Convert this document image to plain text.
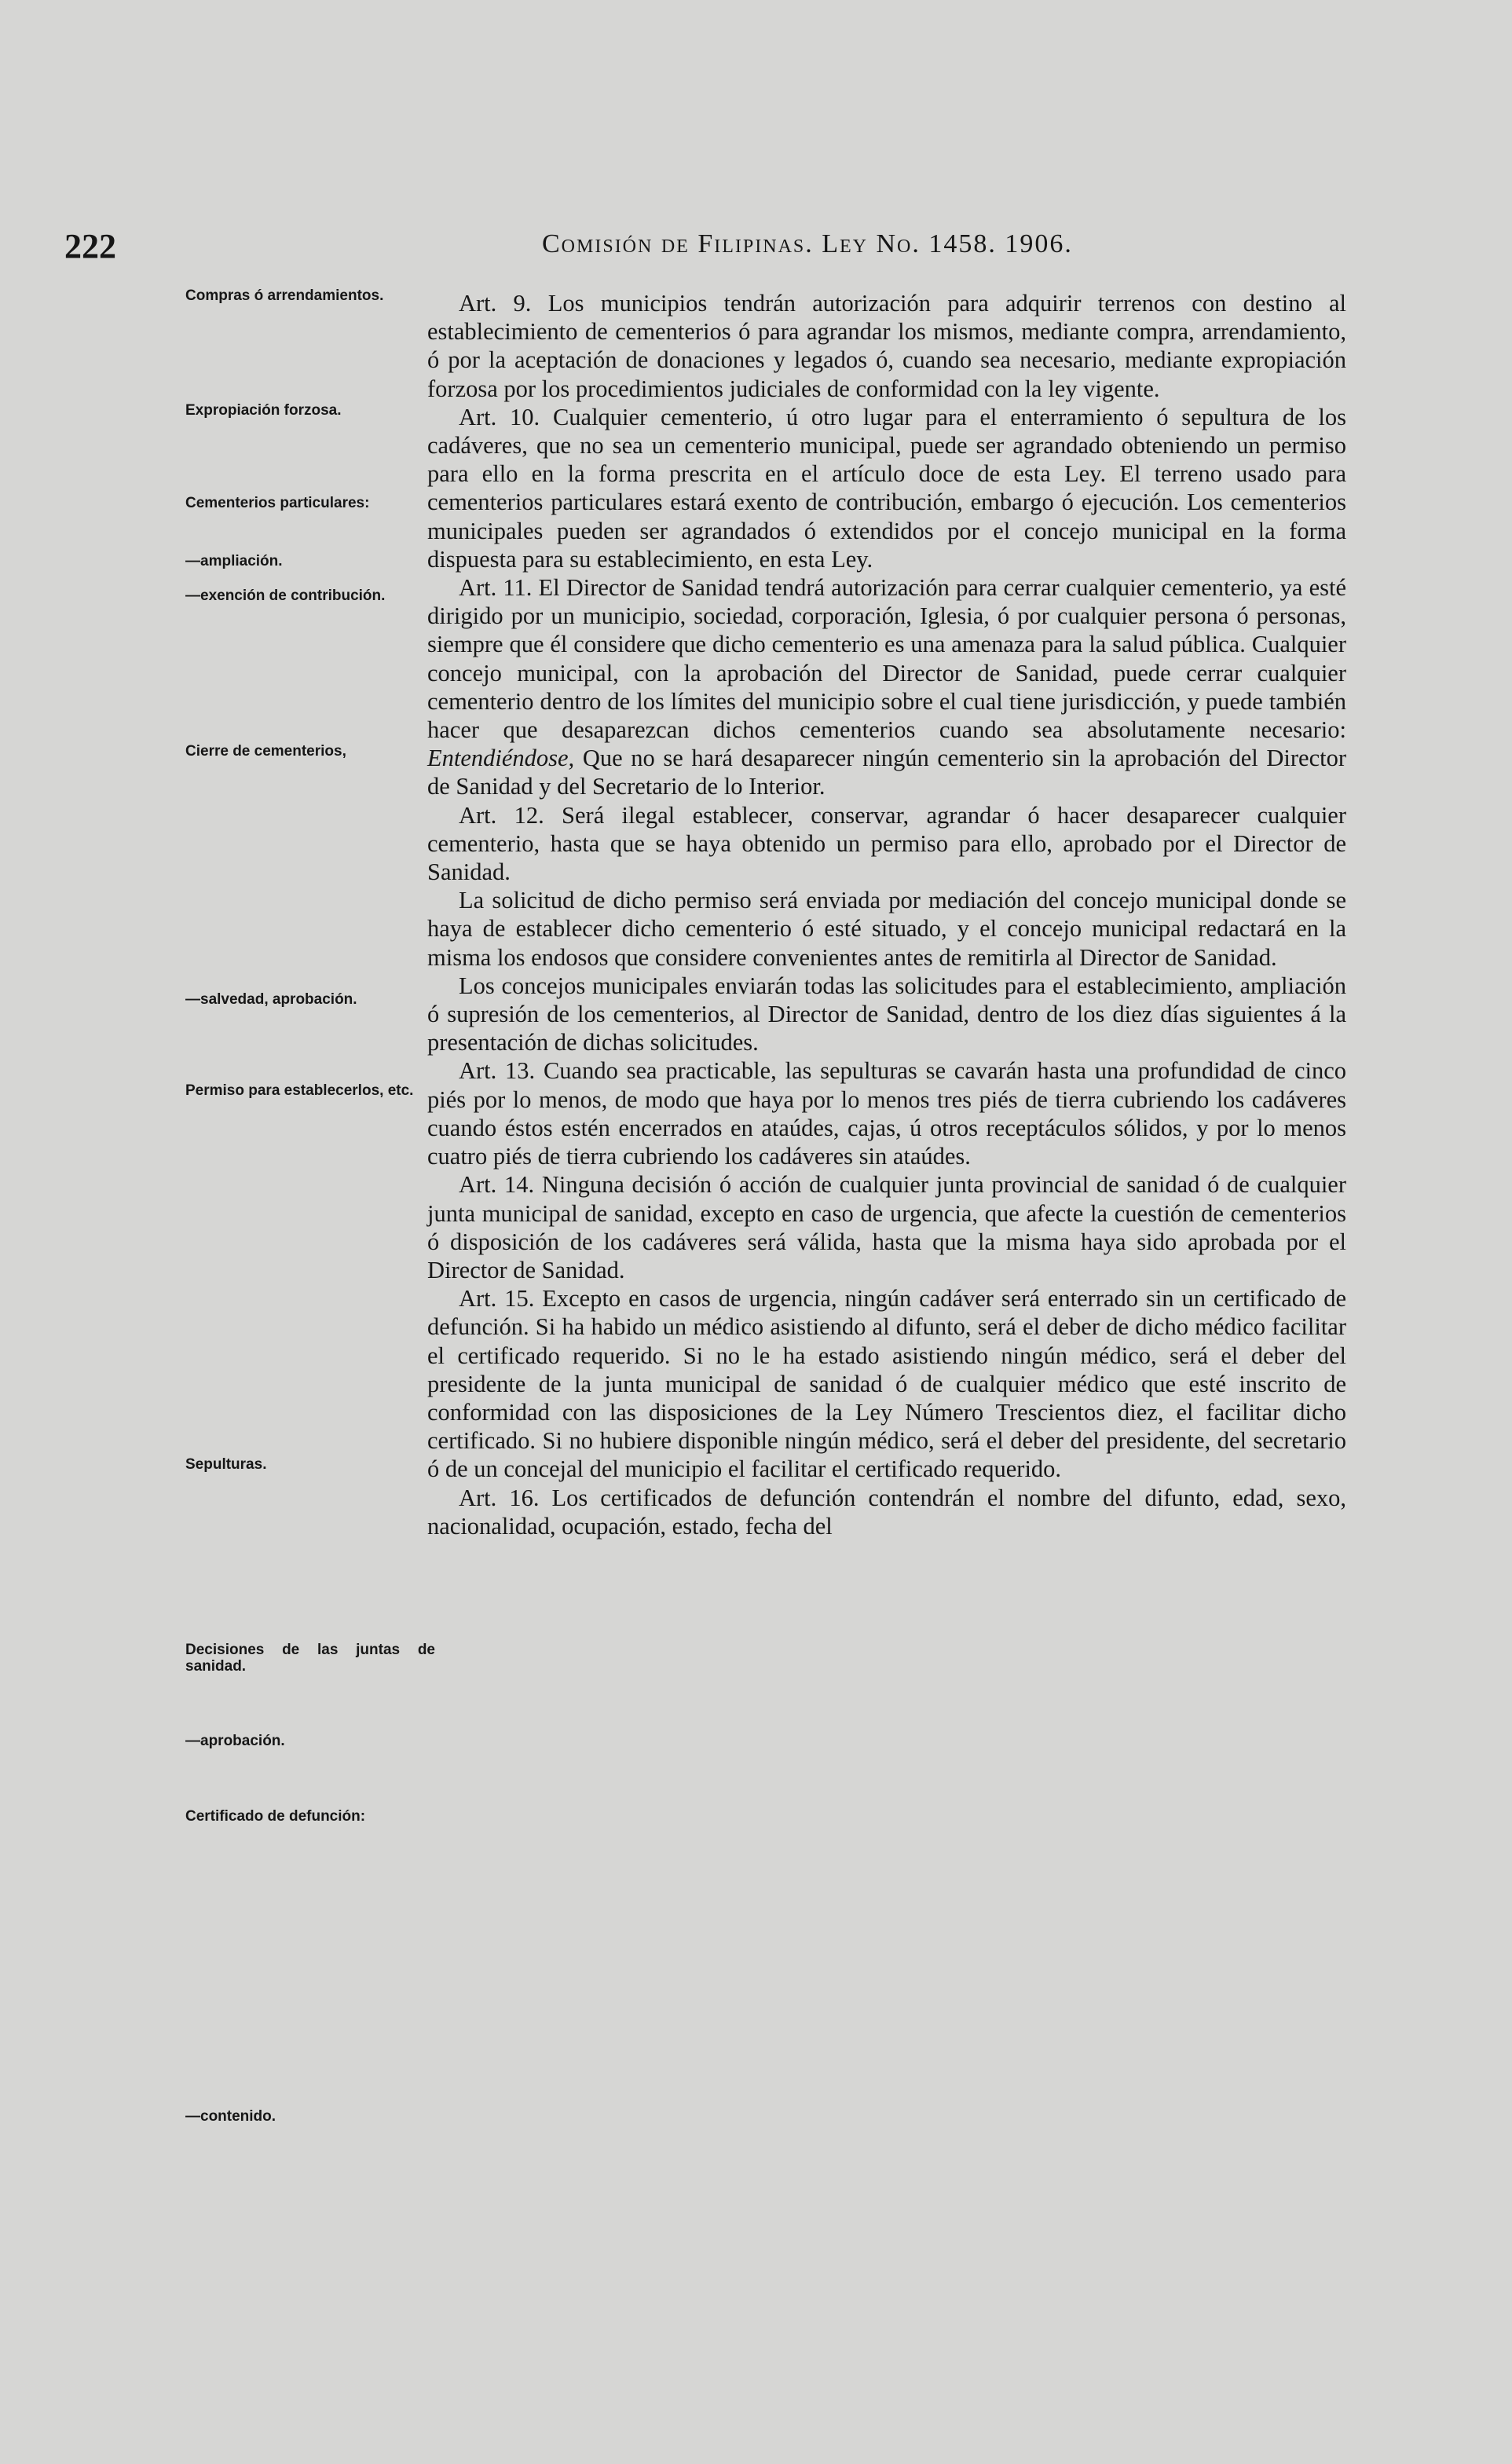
222	Comisión de Filipinas. Ley No. 1458. 1906.
Compras ó arrendamientos.
Expropiación forzosa.
Cementerios particulares:
—ampliación.
—exención de contribución.
Cierre de cementerios,
—salvedad, aprobación.
Permiso para establecerlos, etc.
Sepulturas.
Decisiones de las juntas de sanidad.
—aprobación.
Certificado de defunción:
—contenido.

Art. 9. Los municipios tendrán autorización para adquirir terrenos con destino al establecimiento de cementerios ó para agrandar los mismos, mediante compra, arrendamiento, ó por la aceptación de donaciones y legados ó, cuando sea necesario, mediante expropiación forzosa por los procedimientos judiciales de conformidad con la ley vigente.

Art. 10. Cualquier cementerio, ú otro lugar para el enterramiento ó sepultura de los cadáveres, que no sea un cementerio municipal, puede ser agrandado obteniendo un permiso para ello en la forma prescrita en el artículo doce de esta Ley. El terreno usado para cementerios particulares estará exento de contribución, embargo ó ejecución. Los cementerios municipales pueden ser agrandados ó extendidos por el concejo municipal en la forma dispuesta para su establecimiento, en esta Ley.

Art. 11. El Director de Sanidad tendrá autorización para cerrar cualquier cementerio, ya esté dirigido por un municipio, sociedad, corporación, Iglesia, ó por cualquier persona ó personas, siempre que él considere que dicho cementerio es una amenaza para la salud pública. Cualquier concejo municipal, con la aprobación del Director de Sanidad, puede cerrar cualquier cementerio dentro de los límites del municipio sobre el cual tiene jurisdicción, y puede también hacer que desaparezcan dichos cementerios cuando sea absolutamente necesario: Entendiéndose, Que no se hará desaparecer ningún cementerio sin la aprobación del Director de Sanidad y del Secretario de lo Interior.

Art. 12. Será ilegal establecer, conservar, agrandar ó hacer desaparecer cualquier cementerio, hasta que se haya obtenido un permiso para ello, aprobado por el Director de Sanidad.

La solicitud de dicho permiso será enviada por mediación del concejo municipal donde se haya de establecer dicho cementerio ó esté situado, y el concejo municipal redactará en la misma los endosos que considere convenientes antes de remitirla al Director de Sanidad.

Los concejos municipales enviarán todas las solicitudes para el establecimiento, ampliación ó supresión de los cementerios, al Director de Sanidad, dentro de los diez días siguientes á la presentación de dichas solicitudes.

Art. 13. Cuando sea practicable, las sepulturas se cavarán hasta una profundidad de cinco piés por lo menos, de modo que haya por lo menos tres piés de tierra cubriendo los cadáveres cuando éstos estén encerrados en ataúdes, cajas, ú otros receptáculos sólidos, y por lo menos cuatro piés de tierra cubriendo los cadáveres sin ataúdes.

Art. 14. Ninguna decisión ó acción de cualquier junta provincial de sanidad ó de cualquier junta municipal de sanidad, excepto en caso de urgencia, que afecte la cuestión de cementerios ó disposición de los cadáveres será válida, hasta que la misma haya sido aprobada por el Director de Sanidad.

Art. 15. Excepto en casos de urgencia, ningún cadáver será enterrado sin un certificado de defunción. Si ha habido un médico asistiendo al difunto, será el deber de dicho médico facilitar el certificado requerido. Si no le ha estado asistiendo ningún médico, será el deber del presidente de la junta municipal de sanidad ó de cualquier médico que esté inscrito de conformidad con las disposiciones de la Ley Número Trescientos diez, el facilitar dicho certificado. Si no hubiere disponible ningún médico, será el deber del presidente, del secretario ó de un concejal del municipio el facilitar el certificado requerido.

Art. 16. Los certificados de defunción contendrán el nombre del difunto, edad, sexo, nacionalidad, ocupación, estado, fecha del
